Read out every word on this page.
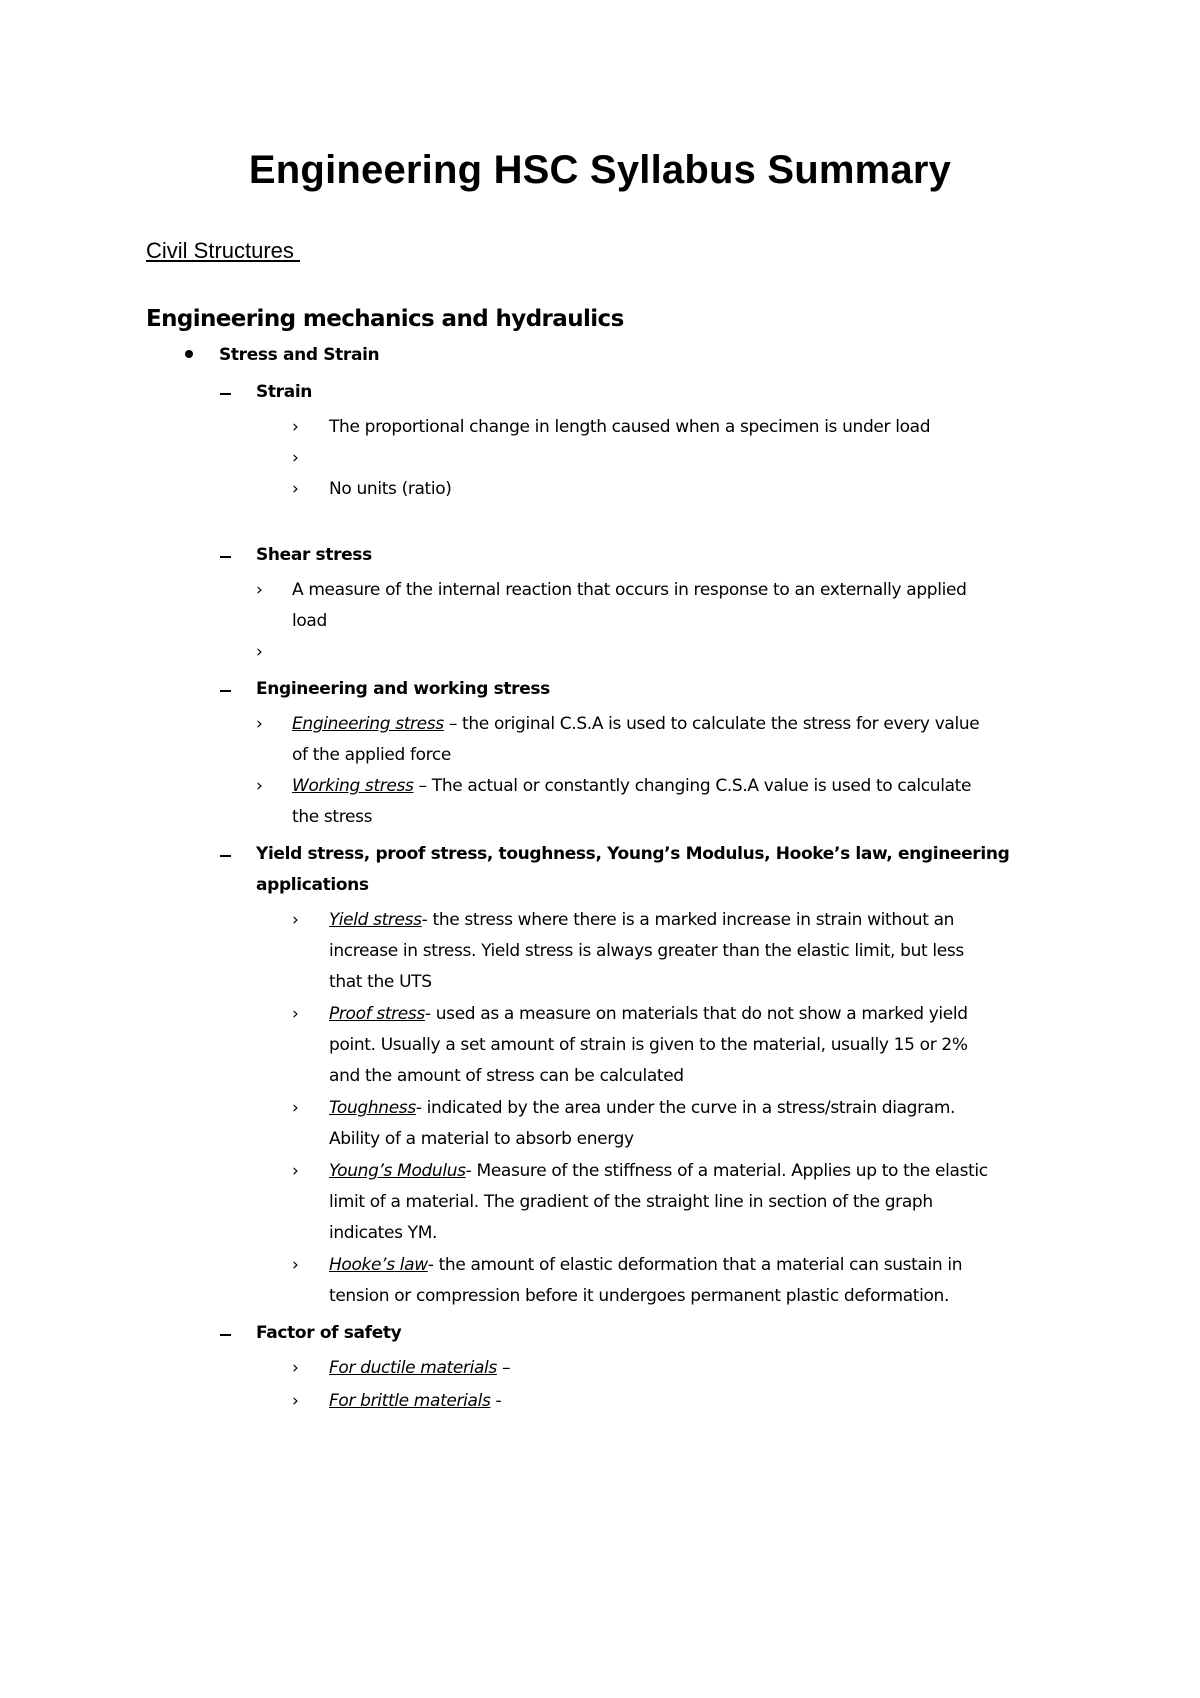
Engineering HSC Syllabus Summary
Civil Structures
Engineering mechanics and hydraulics
Stress and Strain
Strain
› The proportional change in length caused when a specimen is under load
›
› No units (ratio)
Shear stress
› A measure of the internal reaction that occurs in response to an externally applied
load
›
Engineering and working stress
› Engineering stress – the original C.S.A is used to calculate the stress for every value
of the applied force
› Working stress – The actual or constantly changing C.S.A value is used to calculate
the stress
Yield stress, proof stress, toughness, Young’s Modulus, Hooke’s law, engineering
applications
› Yield stress- the stress where there is a marked increase in strain without an
increase in stress. Yield stress is always greater than the elastic limit, but less
that the UTS
› Proof stress- used as a measure on materials that do not show a marked yield
point. Usually a set amount of strain is given to the material, usually 15 or 2%
and the amount of stress can be calculated
› Toughness- indicated by the area under the curve in a stress/strain diagram.
Ability of a material to absorb energy
› Young’s Modulus- Measure of the stiffness of a material. Applies up to the elastic
limit of a material. The gradient of the straight line in section of the graph
indicates YM.
› Hooke’s law- the amount of elastic deformation that a material can sustain in
tension or compression before it undergoes permanent plastic deformation.
Factor of safety
› For ductile materials –
› For brittle materials -
